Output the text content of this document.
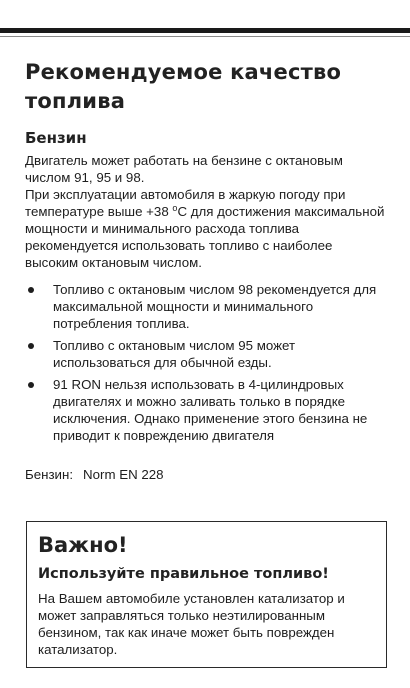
Рекомендуемое качество топлива
Бензин
Двигатель может работать на бензине с октановым числом 91, 95 и 98.
При эксплуатации автомобиля в жаркую погоду при температуре выше +38 $^o$C для достижения максимальной мощности и минимального расхода топлива рекомендуется использовать топливо с наиболее высоким октановым числом.
Топливо с октановым числом 98 рекомендуется для максимальной мощности и минимального потребления топлива.
Топливо с октановым числом 95 может использоваться для обычной езды.
91 RON нельзя использовать в 4-цилиндровых двигателях и можно заливать только в порядке исключения. Однако применение этого бензина не приводит к повреждению двигателя

Бензин: Norm EN 228

Важно!
Используйте правильное топливо!

На Вашем автомобиле установлен катализатор и может заправляться только неэтилированным бензином, так как иначе может быть поврежден катализатор.
